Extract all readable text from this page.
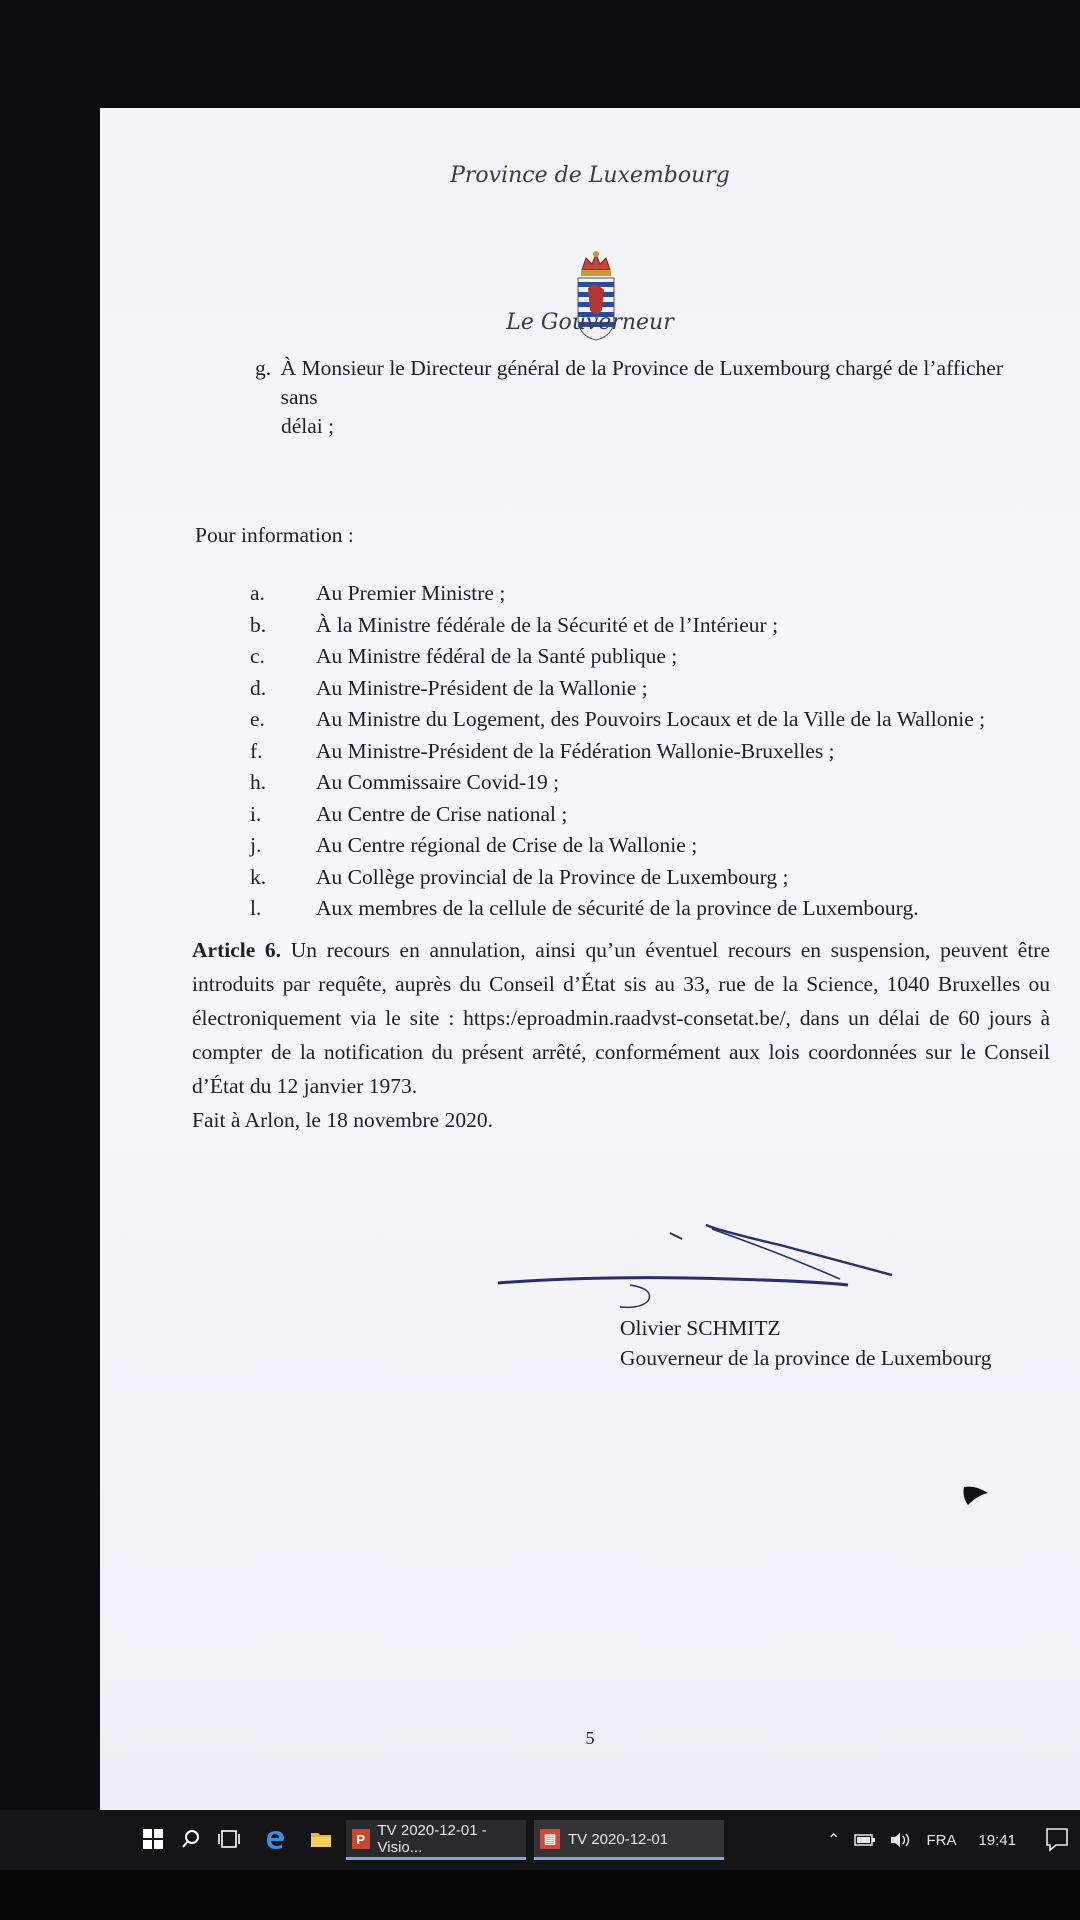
Province de Luxembourg
Le Gouverneur
g. À Monsieur le Directeur général de la Province de Luxembourg chargé de l’afficher sans
délai ;
Pour information :
a.	Au Premier Ministre ;
b.	À la Ministre fédérale de la Sécurité et de l’Intérieur ;
c.	Au Ministre fédéral de la Santé publique ;
d.	Au Ministre-Président de la Wallonie ;
e.	Au Ministre du Logement, des Pouvoirs Locaux et de la Ville de la Wallonie ;
f.	Au Ministre-Président de la Fédération Wallonie-Bruxelles ;
h.	Au Commissaire Covid-19 ;
i.	Au Centre de Crise national ;
j.	Au Centre régional de Crise de la Wallonie ;
k.	Au Collège provincial de la Province de Luxembourg ;
l.	Aux membres de la cellule de sécurité de la province de Luxembourg.
Article 6. Un recours en annulation, ainsi qu’un éventuel recours en suspension, peuvent être introduits par requête, auprès du Conseil d’État sis au 33, rue de la Science, 1040 Bruxelles ou électroniquement via le site : https:/eproadmin.raadvst-consetat.be/, dans un délai de 60 jours à compter de la notification du présent arrêté, conformément aux lois coordonnées sur le Conseil d’État du 12 janvier 1973.
Fait à Arlon, le 18 novembre 2020.
Olivier SCHMITZ
Gouverneur de la province de Luxembourg
5
P TV 2020-12-01 - Visio...
▤ TV 2020-12-01	⌃	FRA 19:41
